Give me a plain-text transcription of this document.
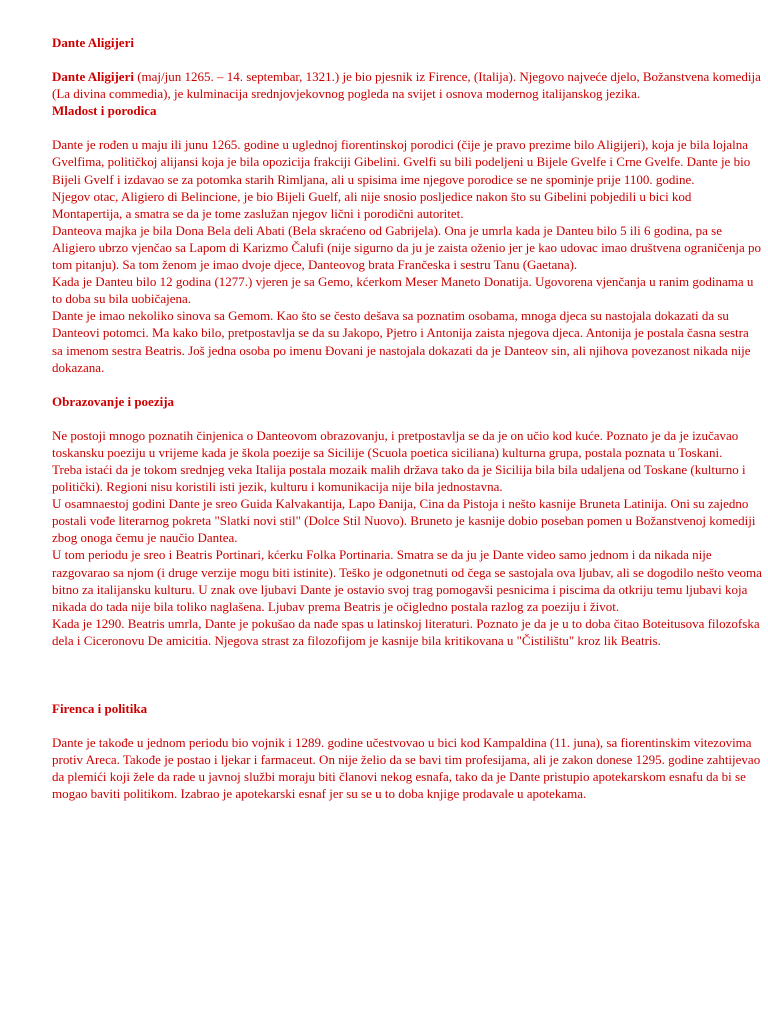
Dante Aligijeri

Dante Aligijeri (maj/jun 1265. – 14. septembar, 1321.) je bio pjesnik iz Firence, (Italija). Njegovo najveće djelo, Božanstvena komedija (La divina commedia), je kulminacija srednjovjekovnog pogleda na svijet i osnova modernog italijanskog jezika.

Mladost i porodica

Dante je rođen u maju ili junu 1265. godine u uglednoj fiorentinskoj porodici (čije je pravo prezime bilo Aligijeri), koja je bila lojalna Gvelfima, političkoj alijansi koja je bila opozicija frakciji Gibelini. Gvelfi su bili podeljeni u Bijele Gvelfe i Crne Gvelfe. Dante je bio Bijeli Gvelf i izdavao se za potomka starih Rimljana, ali u spisima ime njegove porodice se ne spominje prije 1100. godine.

Njegov otac, Aligiero di Belincione, je bio Bijeli Guelf, ali nije snosio posljedice nakon što su Gibelini pobjedili u bici kod Montapertija, a smatra se da je tome zaslužan njegov lični i porodični autoritet.

Danteova majka je bila Dona Bela deli Abati (Bela skraćeno od Gabrijela). Ona je umrla kada je Danteu bilo 5 ili 6 godina, pa se Aligiero ubrzo vjenčao sa Lapom di Karizmo Čalufi (nije sigurno da ju je zaista oženio jer je kao udovac imao društvena ograničenja po tom pitanju). Sa tom ženom je imao dvoje djece, Danteovog brata Frančeska i sestru Tanu (Gaetana).

Kada je Danteu bilo 12 godina (1277.) vjeren je sa Gemo, kćerkom Meser Maneto Donatija. Ugovorena vjenčanja u ranim godinama u to doba su bila uobičajena.

Dante je imao nekoliko sinova sa Gemom. Kao što se često dešava sa poznatim osobama, mnoga djeca su nastojala dokazati da su Danteovi potomci. Ma kako bilo, pretpostavlja se da su Jakopo, Pjetro i Antonija zaista njegova djeca. Antonija je postala časna sestra sa imenom sestra Beatris. Još jedna osoba po imenu Đovani je nastojala dokazati da je Danteov sin, ali njihova povezanost nikada nije dokazana.

Obrazovanje i poezija

Ne postoji mnogo poznatih činjenica o Danteovom obrazovanju, i pretpostavlja se da je on učio kod kuće. Poznato je da je izučavao toskansku poeziju u vrijeme kada je škola poezije sa Sicilije (Scuola poetica siciliana) kulturna grupa, postala poznata u Toskani.

Treba istaći da je tokom srednjeg veka Italija postala mozaik malih država tako da je Sicilija bila bila udaljena od Toskane (kulturno i politički). Regioni nisu koristili isti jezik, kulturu i komunikacija nije bila jednostavna.

U osamnaestoj godini Dante je sreo Guida Kalvakantija, Lapo Đanija, Cina da Pistoja i nešto kasnije Bruneta Latinija. Oni su zajedno postali vođe literarnog pokreta "Slatki novi stil" (Dolce Stil Nuovo). Bruneto je kasnije dobio poseban pomen u Božanstvenoj komediji zbog onoga čemu je naučio Dantea.

U tom periodu je sreo i Beatris Portinari, kćerku Folka Portinaria. Smatra se da ju je Dante video samo jednom i da nikada nije razgovarao sa njom (i druge verzije mogu biti istinite). Teško je odgonetnuti od čega se sastojala ova ljubav, ali se dogodilo nešto veoma bitno za italijansku kulturu. U znak ove ljubavi Dante je ostavio svoj trag pomogavši pesnicima i piscima da otkriju temu ljubavi koja nikada do tada nije bila toliko naglašena. Ljubav prema Beatris je očigledno postala razlog za poeziju i život.

Kada je 1290. Beatris umrla, Dante je pokušao da nađe spas u latinskoj literaturi. Poznato je da je u to doba čitao Boteitusova filozofska dela i Ciceronovu De amicitia. Njegova strast za filozofijom je kasnije bila kritikovana u "Čistilištu" kroz lik Beatris.

Firenca i politika

Dante je takođe u jednom periodu bio vojnik i 1289. godine učestvovao u bici kod Kampaldina (11. juna), sa fiorentinskim vitezovima protiv Areca. Takođe je postao i ljekar i farmaceut. On nije želio da se bavi tim profesijama, ali je zakon donese 1295. godine zahtijevao da plemići koji žele da rade u javnoj službi moraju biti članovi nekog esnafa, tako da je Dante pristupio apotekarskom esnafu da bi se mogao baviti politikom. Izabrao je apotekarski esnaf jer su se u to doba knjige prodavale u apotekama.
